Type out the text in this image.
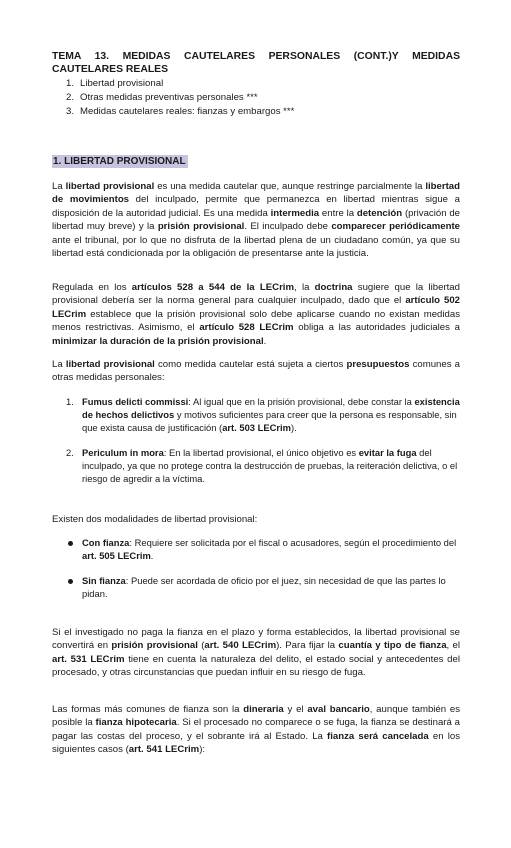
TEMA 13. MEDIDAS CAUTELARES PERSONALES (CONT.)Y MEDIDAS
CAUTELARES REALES
1. Libertad provisional
2. Otras medidas preventivas personales ***
3. Medidas cautelares reales: fianzas y embargos ***
1. LIBERTAD PROVISIONAL

La libertad provisional es una medida cautelar que, aunque restringe parcialmente la libertad de movimientos del inculpado, permite que permanezca en libertad mientras sigue a disposición de la autoridad judicial. Es una medida intermedia entre la detención (privación de libertad muy breve) y la prisión provisional. El inculpado debe comparecer periódicamente ante el tribunal, por lo que no disfruta de la libertad plena de un ciudadano común, ya que su libertad está condicionada por la obligación de presentarse ante la justicia.

Regulada en los artículos 528 a 544 de la LECrim, la doctrina sugiere que la libertad provisional debería ser la norma general para cualquier inculpado, dado que el artículo 502 LECrim establece que la prisión provisional solo debe aplicarse cuando no existan medidas menos restrictivas. Asimismo, el artículo 528 LECrim obliga a las autoridades judiciales a minimizar la duración de la prisión provisional.

La libertad provisional como medida cautelar está sujeta a ciertos presupuestos comunes a otras medidas personales:

1. Fumus delicti commissi: Al igual que en la prisión provisional, debe constar la existencia de hechos delictivos y motivos suficientes para creer que la persona es responsable, sin que exista causa de justificación (art. 503 LECrim).
2. Periculum in mora: En la libertad provisional, el único objetivo es evitar la fuga del inculpado, ya que no protege contra la destrucción de pruebas, la reiteración delictiva, o el riesgo de agredir a la víctima.

Existen dos modalidades de libertad provisional:

Con fianza: Requiere ser solicitada por el fiscal o acusadores, según el procedimiento del art. 505 LECrim.
Sin fianza: Puede ser acordada de oficio por el juez, sin necesidad de que las partes lo pidan.

Si el investigado no paga la fianza en el plazo y forma establecidos, la libertad provisional se convertirá en prisión provisional (art. 540 LECrim). Para fijar la cuantía y tipo de fianza, el art. 531 LECrim tiene en cuenta la naturaleza del delito, el estado social y antecedentes del procesado, y otras circunstancias que puedan influir en su riesgo de fuga.

Las formas más comunes de fianza son la dineraria y el aval bancario, aunque también es posible la fianza hipotecaria. Si el procesado no comparece o se fuga, la fianza se destinará a pagar las costas del proceso, y el sobrante irá al Estado. La fianza será cancelada en los siguientes casos (art. 541 LECrim):
